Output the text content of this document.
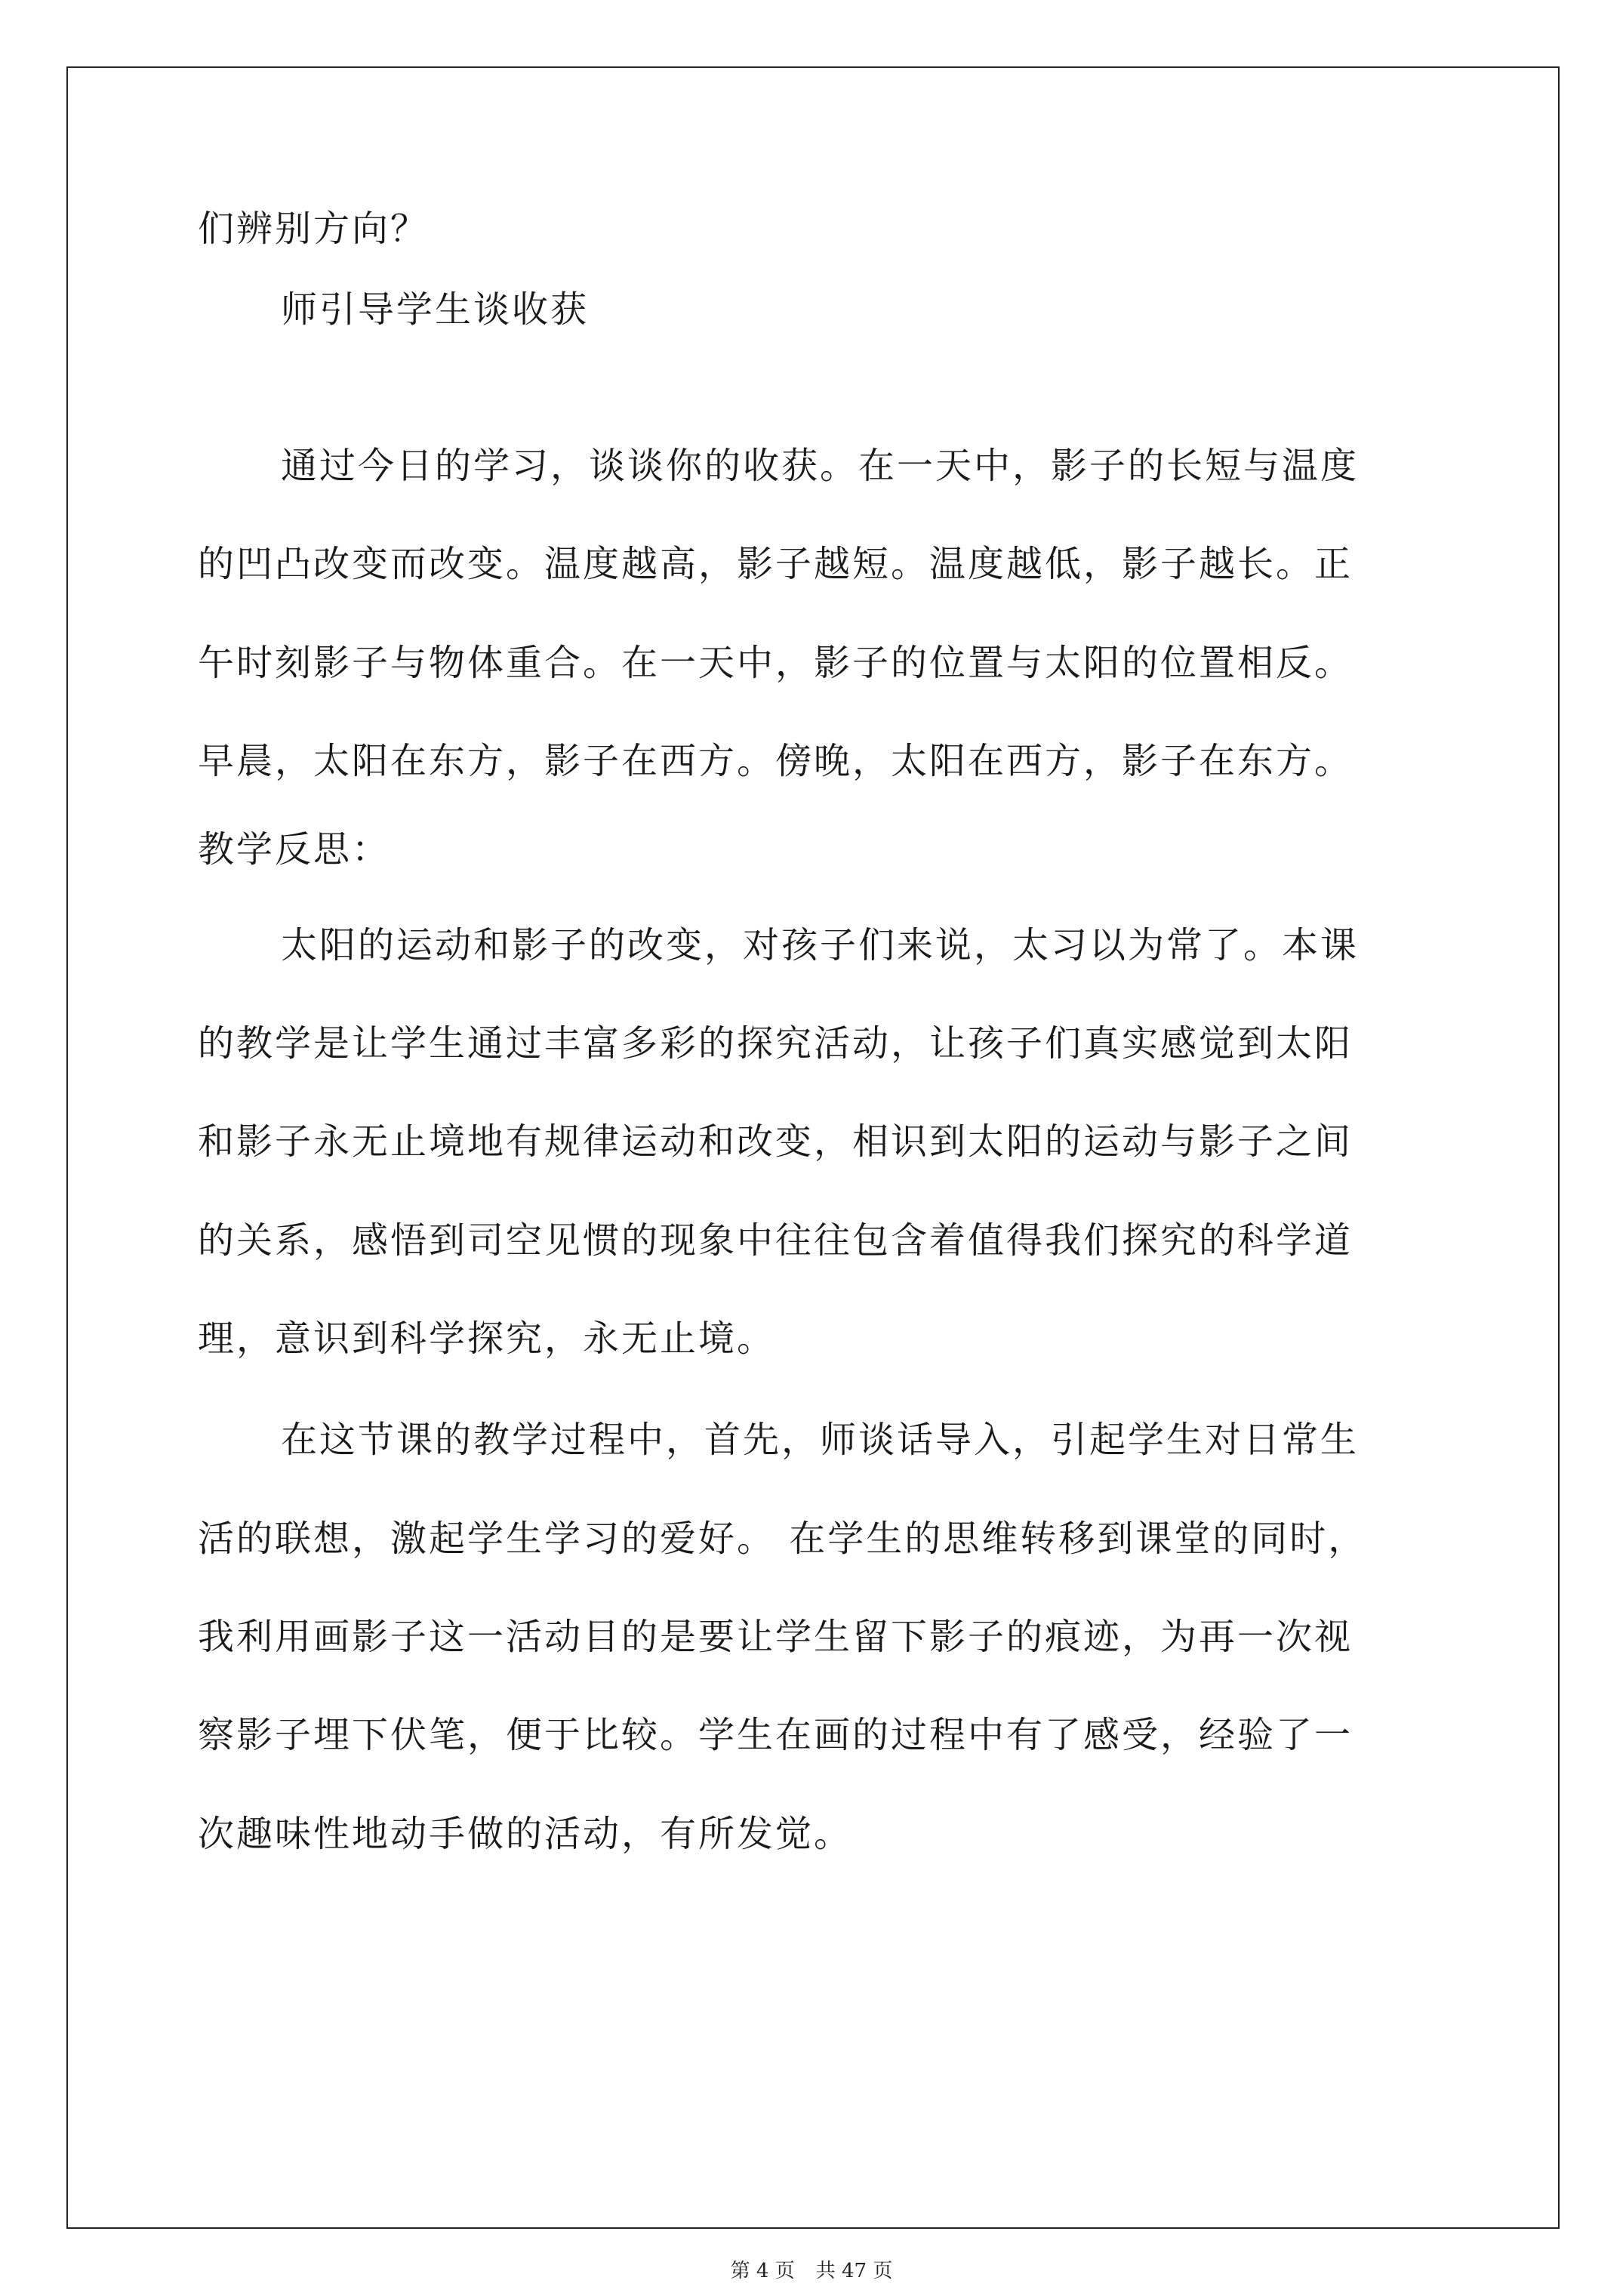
们辨别方向？
师引导学生谈收获
通过今日的学习，谈谈你的收获。在一天中，影子的长短与温度
的凹凸改变而改变。温度越高，影子越短。温度越低，影子越长。正
午时刻影子与物体重合。在一天中，影子的位置与太阳的位置相反。
早晨，太阳在东方，影子在西方。傍晚，太阳在西方，影子在东方。
教学反思：
太阳的运动和影子的改变，对孩子们来说，太习以为常了。本课
的教学是让学生通过丰富多彩的探究活动，让孩子们真实感觉到太阳
和影子永无止境地有规律运动和改变，相识到太阳的运动与影子之间
的关系，感悟到司空见惯的现象中往往包含着值得我们探究的科学道
理，意识到科学探究，永无止境。
在这节课的教学过程中，首先，师谈话导入，引起学生对日常生
活的联想，激起学生学习的爱好。 在学生的思维转移到课堂的同时，
我利用画影子这一活动目的是要让学生留下影子的痕迹，为再一次视
察影子埋下伏笔，便于比较。学生在画的过程中有了感受，经验了一
次趣味性地动手做的活动，有所发觉。
第 4 页 共 47 页
